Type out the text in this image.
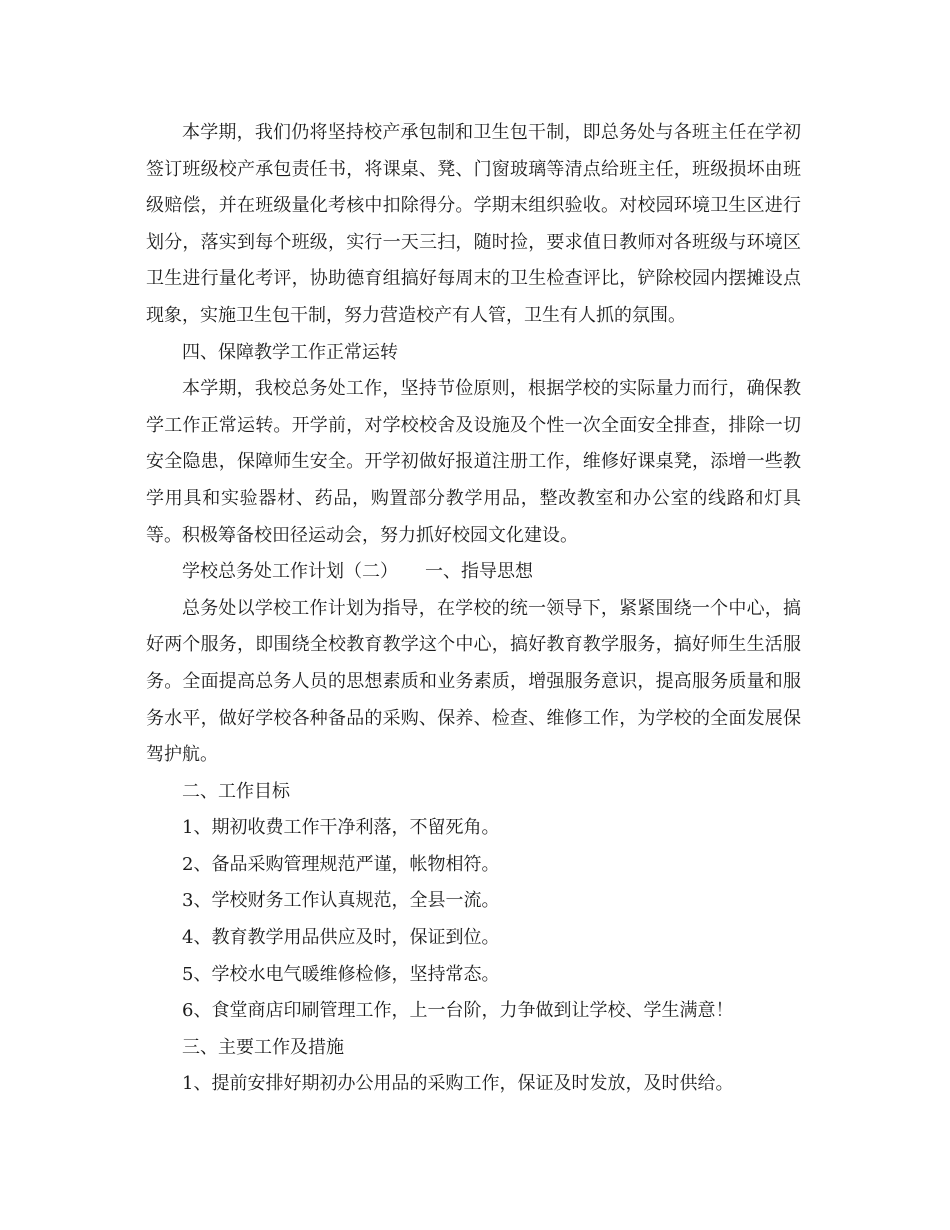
本学期，我们仍将坚持校产承包制和卫生包干制，即总务处与各班主任在学初签订班级校产承包责任书，将课桌、凳、门窗玻璃等清点给班主任，班级损坏由班级赔偿，并在班级量化考核中扣除得分。学期末组织验收。对校园环境卫生区进行划分，落实到每个班级，实行一天三扫，随时捡，要求值日教师对各班级与环境区卫生进行量化考评，协助德育组搞好每周末的卫生检查评比，铲除校园内摆摊设点现象，实施卫生包干制，努力营造校产有人管，卫生有人抓的氛围。

四、保障教学工作正常运转

本学期，我校总务处工作，坚持节俭原则，根据学校的实际量力而行，确保教学工作正常运转。开学前，对学校校舍及设施及个性一次全面安全排查，排除一切安全隐患，保障师生安全。开学初做好报道注册工作，维修好课桌凳，添增一些教学用具和实验器材、药品，购置部分教学用品，整改教室和办公室的线路和灯具等。积极筹备校田径运动会，努力抓好校园文化建设。

学校总务处工作计划（二）　　一、指导思想

总务处以学校工作计划为指导，在学校的统一领导下，紧紧围绕一个中心，搞好两个服务，即围绕全校教育教学这个中心，搞好教育教学服务，搞好师生生活服务。全面提高总务人员的思想素质和业务素质，增强服务意识，提高服务质量和服务水平，做好学校各种备品的采购、保养、检查、维修工作，为学校的全面发展保驾护航。

二、工作目标

1、期初收费工作干净利落，不留死角。

2、备品采购管理规范严谨，帐物相符。

3、学校财务工作认真规范，全县一流。

4、教育教学用品供应及时，保证到位。

5、学校水电气暖维修检修，坚持常态。

6、食堂商店印刷管理工作，上一台阶，力争做到让学校、学生满意！

三、主要工作及措施

1、提前安排好期初办公用品的采购工作，保证及时发放，及时供给。
